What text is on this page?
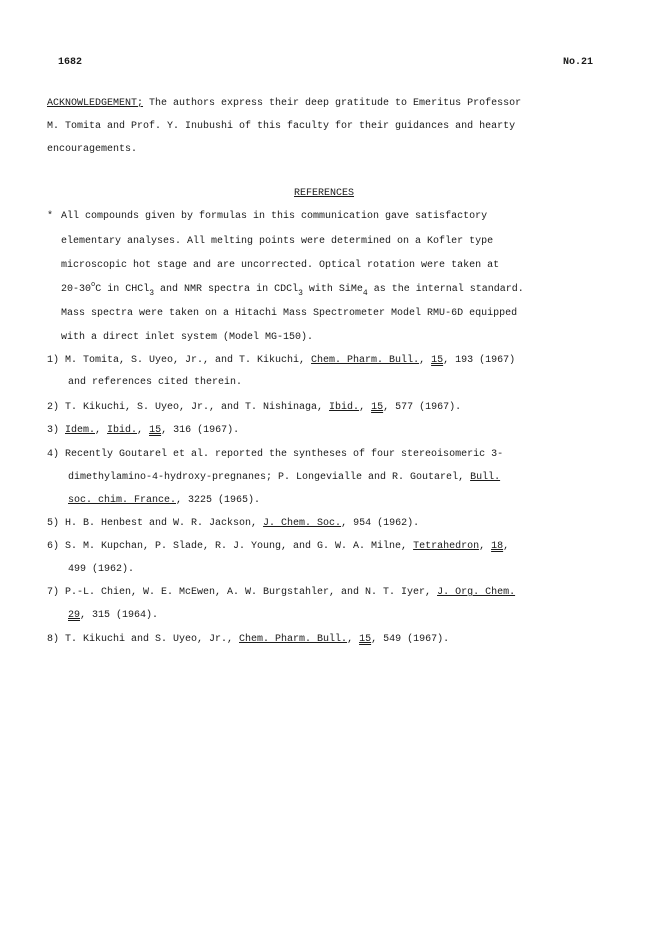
1682	No.21
ACKNOWLEDGEMENT; The authors express their deep gratitude to Emeritus Professor
M. Tomita and Prof. Y. Inubushi of this faculty for their guidances and hearty
encouragements.
REFERENCES
* All compounds given by formulas in this communication gave satisfactory
elementary analyses. All melting points were determined on a Kofler type
microscopic hot stage and are uncorrected. Optical rotation were taken at
20-30$^o$C in CHCl$_3$ and NMR spectra in CDCl$_3$ with SiMe$_4$ as the internal standard.
Mass spectra were taken on a Hitachi Mass Spectrometer Model RMU-6D equipped
with a direct inlet system (Model MG-150).
1) M. Tomita, S. Uyeo, Jr., and T. Kikuchi, Chem. Pharm. Bull., 15, 193 (1967)
and references cited therein.
2) T. Kikuchi, S. Uyeo, Jr., and T. Nishinaga, Ibid., 15, 577 (1967).
3) Idem., Ibid., 15, 316 (1967).
4) Recently Goutarel et al. reported the syntheses of four stereoisomeric 3-
dimethylamino-4-hydroxy-pregnanes; P. Longevialle and R. Goutarel, Bull.
soc. chim. France., 3225 (1965).
5) H. B. Henbest and W. R. Jackson, J. Chem. Soc., 954 (1962).
6) S. M. Kupchan, P. Slade, R. J. Young, and G. W. A. Milne, Tetrahedron, 18,
499 (1962).
7) P.-L. Chien, W. E. McEwen, A. W. Burgstahler, and N. T. Iyer, J. Org. Chem.
29, 315 (1964).
8) T. Kikuchi and S. Uyeo, Jr., Chem. Pharm. Bull., 15, 549 (1967).
